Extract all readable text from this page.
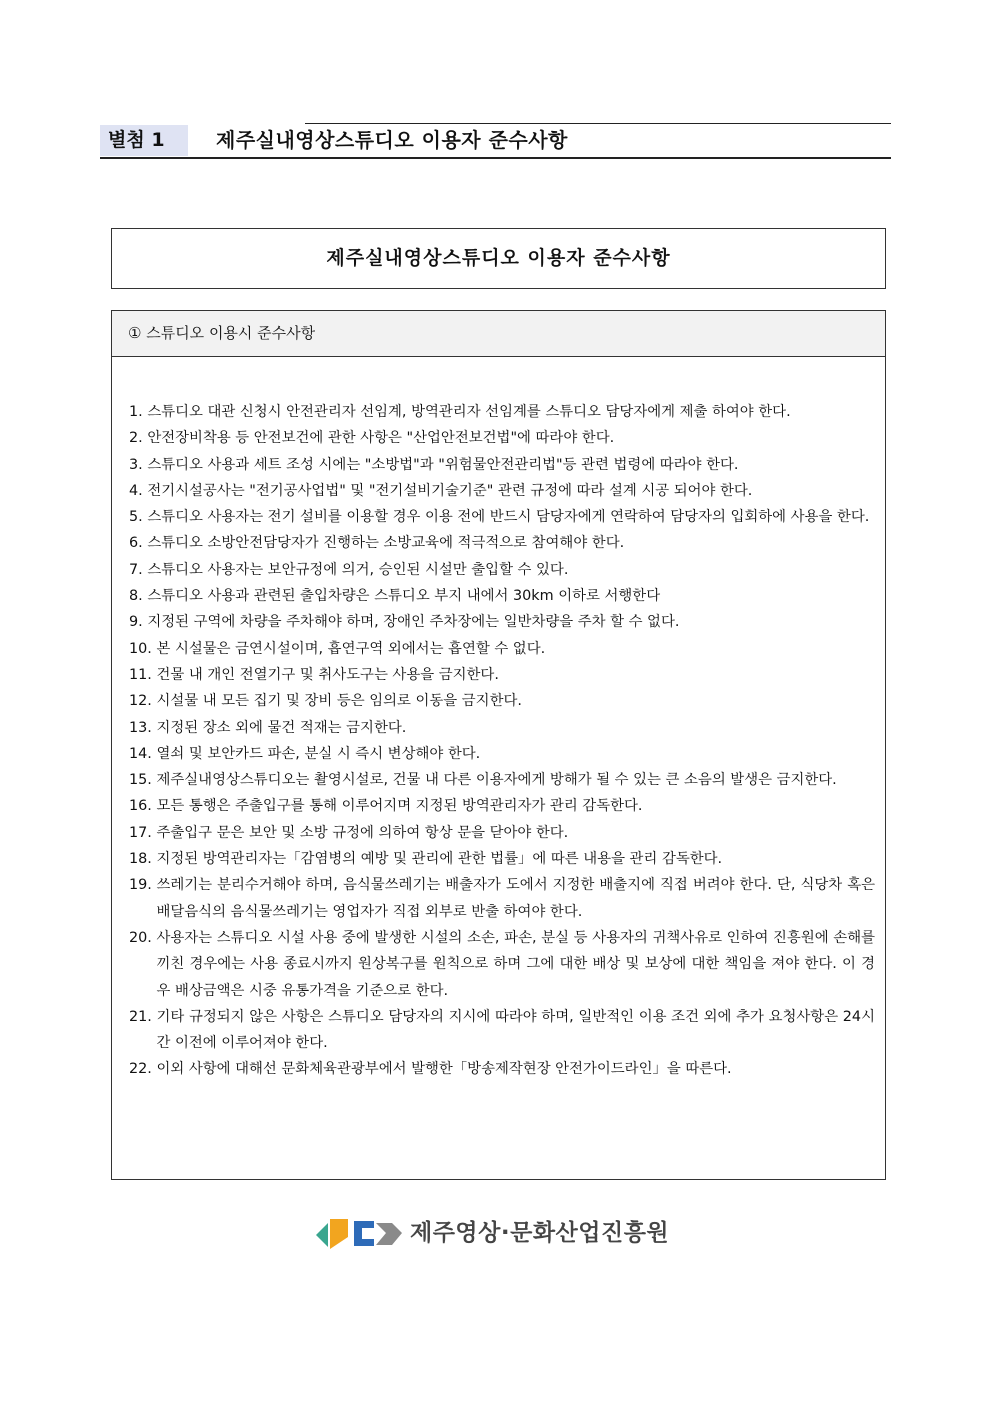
별첨 1	제주실내영상스튜디오 이용자 준수사항
제주실내영상스튜디오 이용자 준수사항
① 스튜디오 이용시 준수사항
1. 스튜디오 대관 신청시 안전관리자 선임계, 방역관리자 선임계를 스튜디오 담당자에게 제출 하여야 한다.
2. 안전장비착용 등 안전보건에 관한 사항은 "산업안전보건법"에 따라야 한다.
3. 스튜디오 사용과 세트 조성 시에는 "소방법"과 "위험물안전관리법"등 관련 법령에 따라야 한다.
4. 전기시설공사는 "전기공사업법" 및 "전기설비기술기준" 관련 규정에 따라 설계 시공 되어야 한다.
5. 스튜디오 사용자는 전기 설비를 이용할 경우 이용 전에 반드시 담당자에게 연락하여 담당자의 입회하에 사용을 한다.
6. 스튜디오 소방안전담당자가 진행하는 소방교육에 적극적으로 참여해야 한다.
7. 스튜디오 사용자는 보안규정에 의거, 승인된 시설만 출입할 수 있다.
8. 스튜디오 사용과 관련된 출입차량은 스튜디오 부지 내에서 30km 이하로 서행한다
9. 지정된 구역에 차량을 주차해야 하며, 장애인 주차장에는 일반차량을 주차 할 수 없다.
10. 본 시설물은 금연시설이며, 흡연구역 외에서는 흡연할 수 없다.
11. 건물 내 개인 전열기구 및 취사도구는 사용을 금지한다.
12. 시설물 내 모든 집기 및 장비 등은 임의로 이동을 금지한다.
13. 지정된 장소 외에 물건 적재는 금지한다.
14. 열쇠 및 보안카드 파손, 분실 시 즉시 변상해야 한다.
15. 제주실내영상스튜디오는 촬영시설로, 건물 내 다른 이용자에게 방해가 될 수 있는 큰 소음의 발생은 금지한다.
16. 모든 통행은 주출입구를 통해 이루어지며 지정된 방역관리자가 관리 감독한다.
17. 주출입구 문은 보안 및 소방 규정에 의하여 항상 문을 닫아야 한다.
18. 지정된 방역관리자는「감염병의 예방 및 관리에 관한 법률」에 따른 내용을 관리 감독한다.
19. 쓰레기는 분리수거해야 하며, 음식물쓰레기는 배출자가 도에서 지정한 배출지에 직접 버려야 한다. 단, 식당차 혹은 배달음식의 음식물쓰레기는 영업자가 직접 외부로 반출 하여야 한다.
20. 사용자는 스튜디오 시설 사용 중에 발생한 시설의 소손, 파손, 분실 등 사용자의 귀책사유로 인하여 진흥원에 손해를 끼친 경우에는 사용 종료시까지 원상복구를 원칙으로 하며 그에 대한 배상 및 보상에 대한 책임을 져야 한다. 이 경우 배상금액은 시중 유통가격을 기준으로 한다.
21. 기타 규정되지 않은 사항은 스튜디오 담당자의 지시에 따라야 하며, 일반적인 이용 조건 외에 추가 요청사항은 24시간 이전에 이루어져야 한다.
22. 이외 사항에 대해선 문화체육관광부에서 발행한「방송제작현장 안전가이드라인」을 따른다.
제주영상·문화산업진흥원
